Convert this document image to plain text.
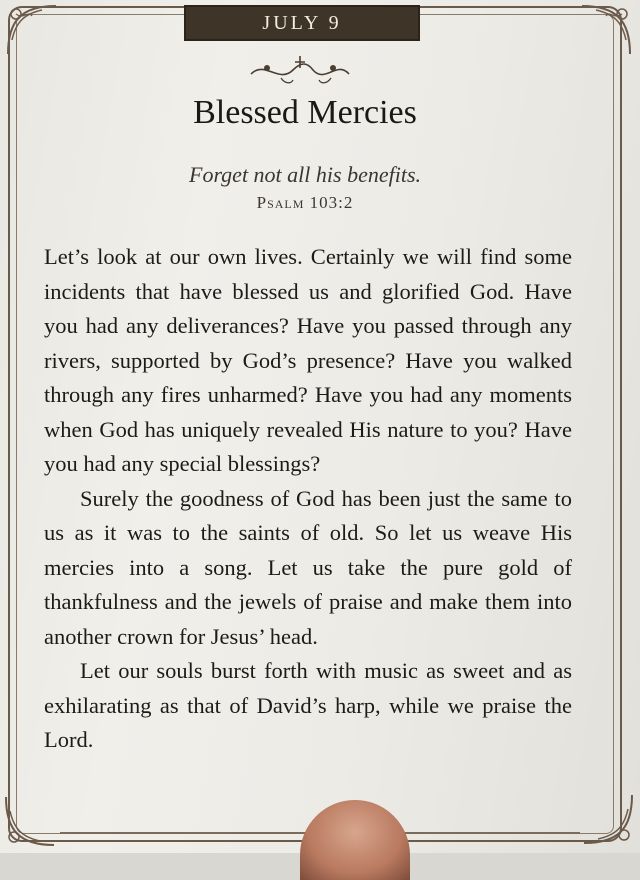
JULY 9
Blessed Mercies
Forget not all his benefits.
Psalm 103:2

Let’s look at our own lives. Certainly we will find some incidents that have blessed us and glorified God. Have you had any deliverances? Have you passed through any rivers, supported by God’s presence? Have you walked through any fires unharmed? Have you had any moments when God has uniquely revealed His nature to you? Have you had any special blessings?

Surely the goodness of God has been just the same to us as it was to the saints of old. So let us weave His mercies into a song. Let us take the pure gold of thankfulness and the jewels of praise and make them into another crown for Jesus’ head.

Let our souls burst forth with music as sweet and as exhilarating as that of David’s harp, while we praise the Lord.
